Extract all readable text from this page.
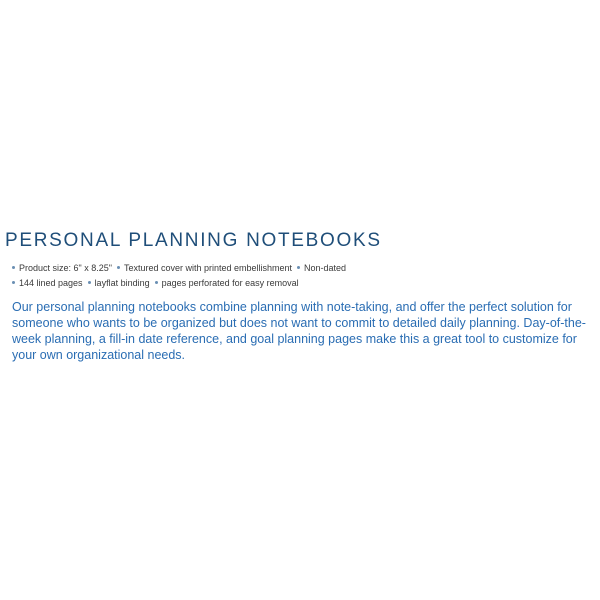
PERSONAL PLANNING NOTEBOOKS
Product size: 6" x 8.25" Textured cover with printed embellishment Non-dated
144 lined pages layflat binding pages perforated for easy removal

Our personal planning notebooks combine planning with note-taking, and offer the perfect solution for someone who wants to be organized but does not want to commit to detailed daily planning. Day-of-the-week planning, a fill-in date reference, and goal planning pages make this a great tool to customize for your own organizational needs.
